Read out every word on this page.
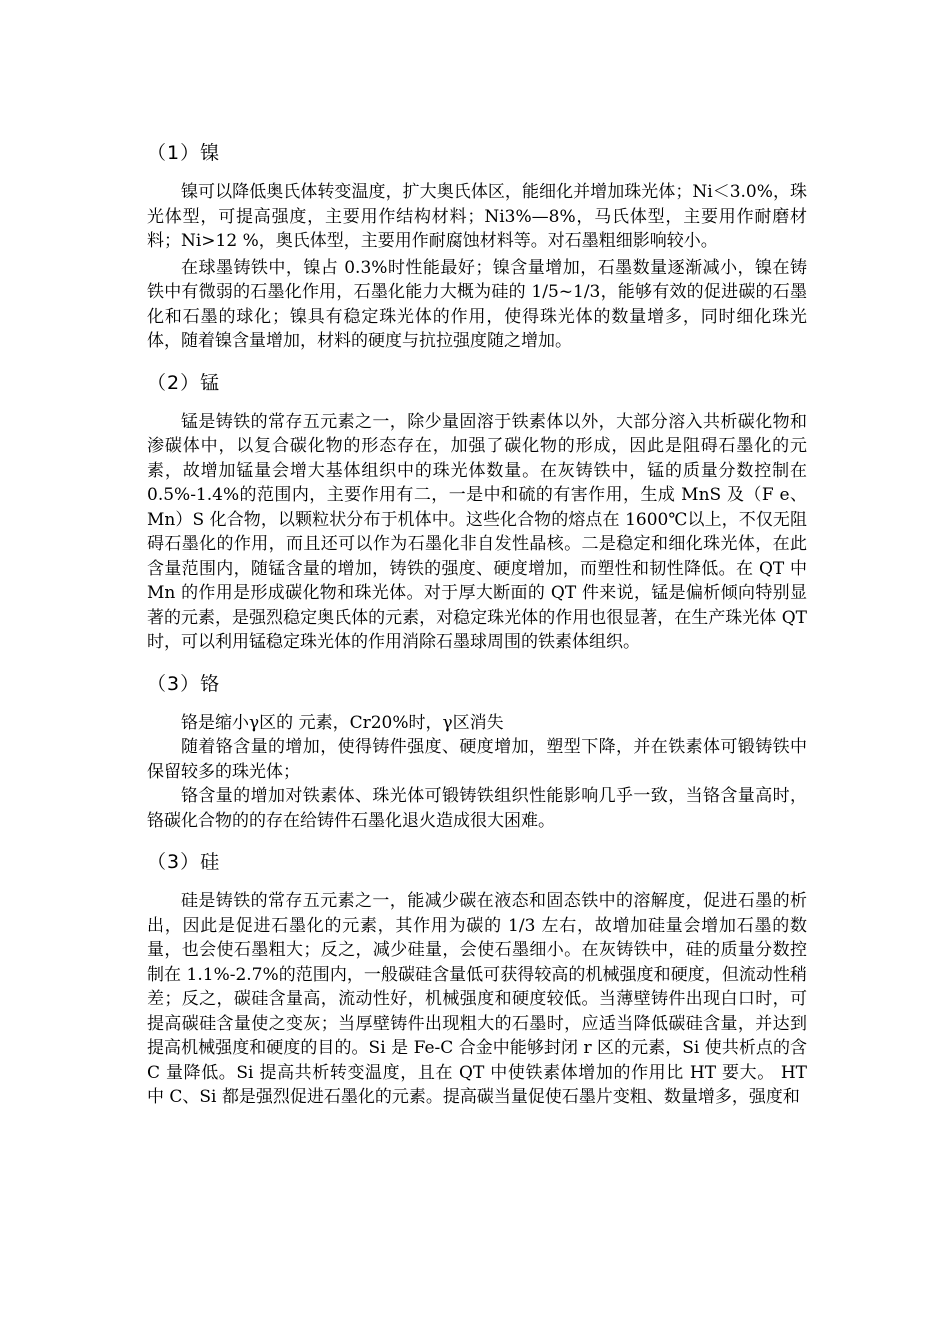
（1）镍

镍可以降低奥氏体转变温度，扩大奥氏体区，能细化并增加珠光体；Ni＜3.0%，珠光体型，可提高强度，主要用作结构材料；Ni3%—8%，马氏体型，主要用作耐磨材料；Ni>12 %，奥氏体型，主要用作耐腐蚀材料等。对石墨粗细影响较小。

在球墨铸铁中，镍占 0.3%时性能最好；镍含量增加，石墨数量逐渐减小，镍在铸铁中有微弱的石墨化作用，石墨化能力大概为硅的 1/5~1/3，能够有效的促进碳的石墨化和石墨的球化；镍具有稳定珠光体的作用，使得珠光体的数量增多，同时细化珠光体，随着镍含量增加，材料的硬度与抗拉强度随之增加。

（2）锰

锰是铸铁的常存五元素之一，除少量固溶于铁素体以外，大部分溶入共析碳化物和渗碳体中，以复合碳化物的形态存在，加强了碳化物的形成，因此是阻碍石墨化的元素，故增加锰量会增大基体组织中的珠光体数量。在灰铸铁中，锰的质量分数控制在 0.5%-1.4%的范围内，主要作用有二，一是中和硫的有害作用，生成 MnS 及（F e、Mn）S 化合物，以颗粒状分布于机体中。这些化合物的熔点在 1600℃以上，不仅无阻碍石墨化的作用，而且还可以作为石墨化非自发性晶核。二是稳定和细化珠光体，在此含量范围内，随锰含量的增加，铸铁的强度、硬度增加，而塑性和韧性降低。在 QT 中 Mn 的作用是形成碳化物和珠光体。对于厚大断面的 QT 件来说，锰是偏析倾向特别显著的元素，是强烈稳定奥氏体的元素，对稳定珠光体的作用也很显著，在生产珠光体 QT 时，可以利用锰稳定珠光体的作用消除石墨球周围的铁素体组织。

（3）铬

铬是缩小γ区的 元素，Cr20%时，γ区消失

随着铬含量的增加，使得铸件强度、硬度增加，塑型下降，并在铁素体可锻铸铁中保留较多的珠光体；

铬含量的增加对铁素体、珠光体可锻铸铁组织性能影响几乎一致，当铬含量高时，铬碳化合物的的存在给铸件石墨化退火造成很大困难。

（3）硅

硅是铸铁的常存五元素之一，能减少碳在液态和固态铁中的溶解度，促进石墨的析出，因此是促进石墨化的元素，其作用为碳的 1/3 左右，故增加硅量会增加石墨的数量，也会使石墨粗大；反之，减少硅量，会使石墨细小。在灰铸铁中，硅的质量分数控制在 1.1%-2.7%的范围内，一般碳硅含量低可获得较高的机械强度和硬度，但流动性稍差；反之，碳硅含量高，流动性好，机械强度和硬度较低。当薄壁铸件出现白口时，可提高碳硅含量使之变灰；当厚壁铸件出现粗大的石墨时，应适当降低碳硅含量，并达到提高机械强度和硬度的目的。Si 是 Fe-C 合金中能够封闭 r 区的元素，Si 使共析点的含 C 量降低。Si 提高共析转变温度，且在 QT 中使铁素体增加的作用比 HT 要大。 HT 中 C、Si 都是强烈促进石墨化的元素。提高碳当量促使石墨片变粗、数量增多，强度和
